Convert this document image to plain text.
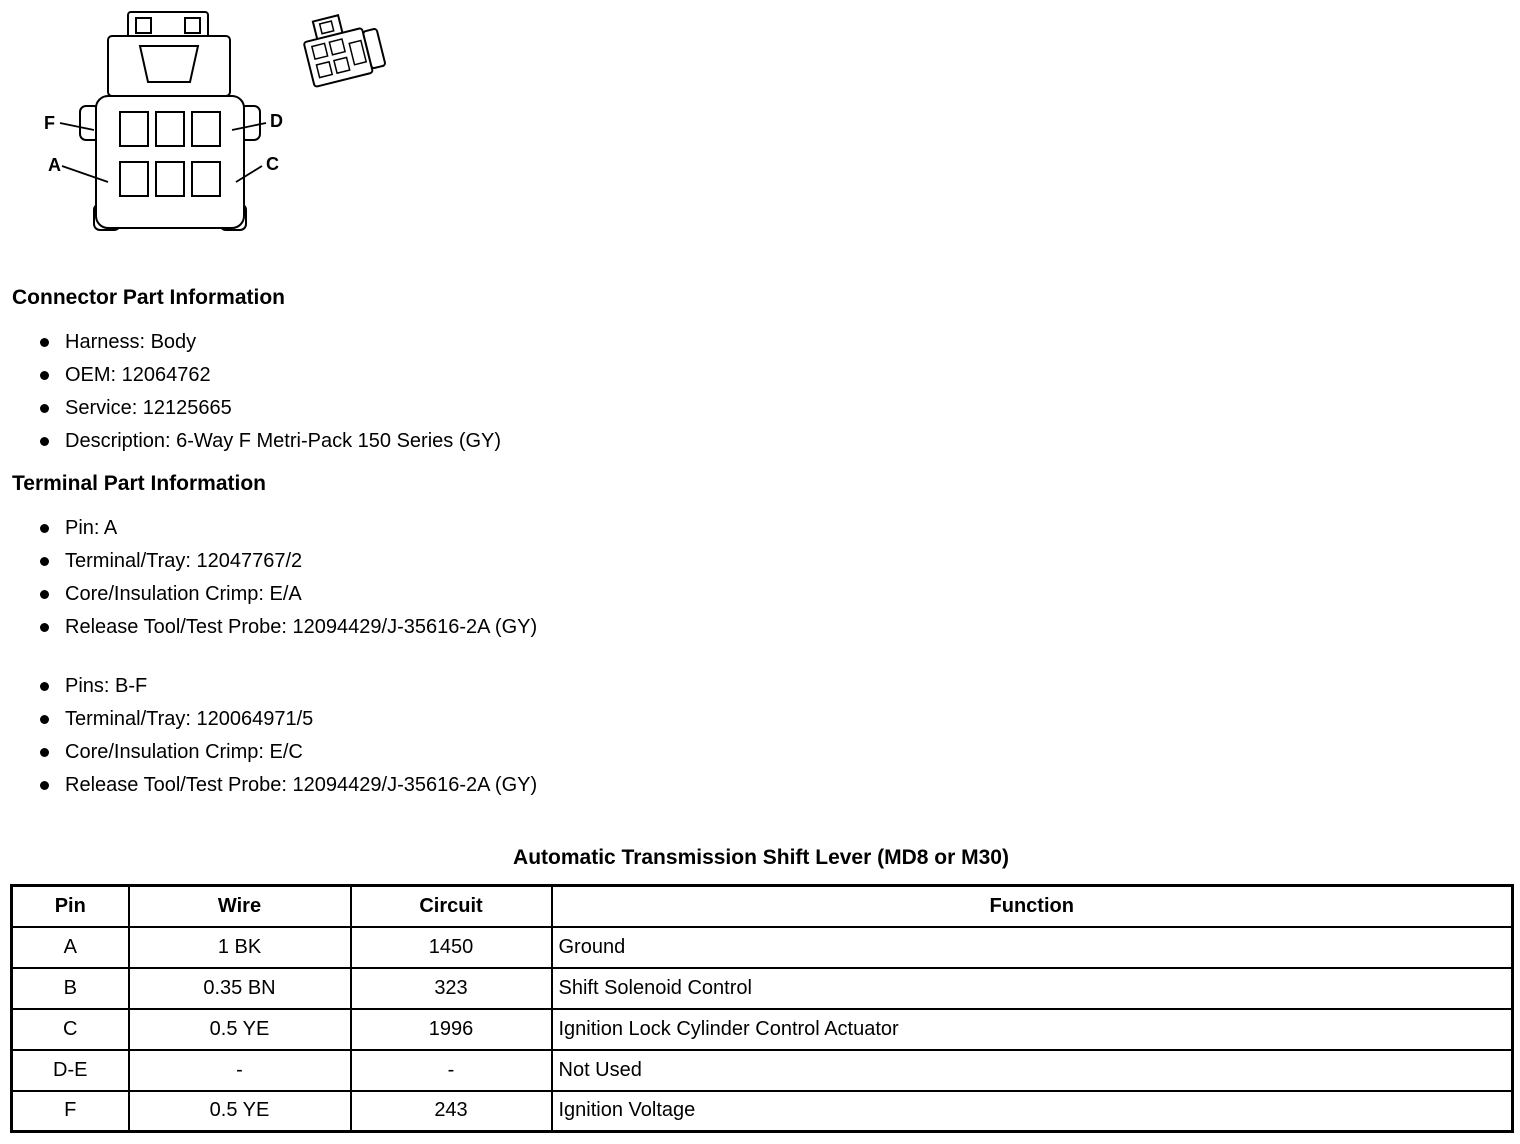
F	D
A	C
Connector Part Information
Harness: Body
OEM: 12064762
Service: 12125665
Description: 6-Way F Metri-Pack 150 Series (GY)
Terminal Part Information
Pin: A
Terminal/Tray: 12047767/2
Core/Insulation Crimp: E/A
Release Tool/Test Probe: 12094429/J-35616-2A (GY)
Pins: B-F
Terminal/Tray: 120064971/5
Core/Insulation Crimp: E/C
Release Tool/Test Probe: 12094429/J-35616-2A (GY)
Automatic Transmission Shift Lever (MD8 or M30)
Pin	Wire	Circuit	Function
A	1 BK	1450	Ground
B	0.35 BN	323	Shift Solenoid Control
C	0.5 YE	1996	Ignition Lock Cylinder Control Actuator
D-E	-	-	Not Used
F	0.5 YE	243	Ignition Voltage
